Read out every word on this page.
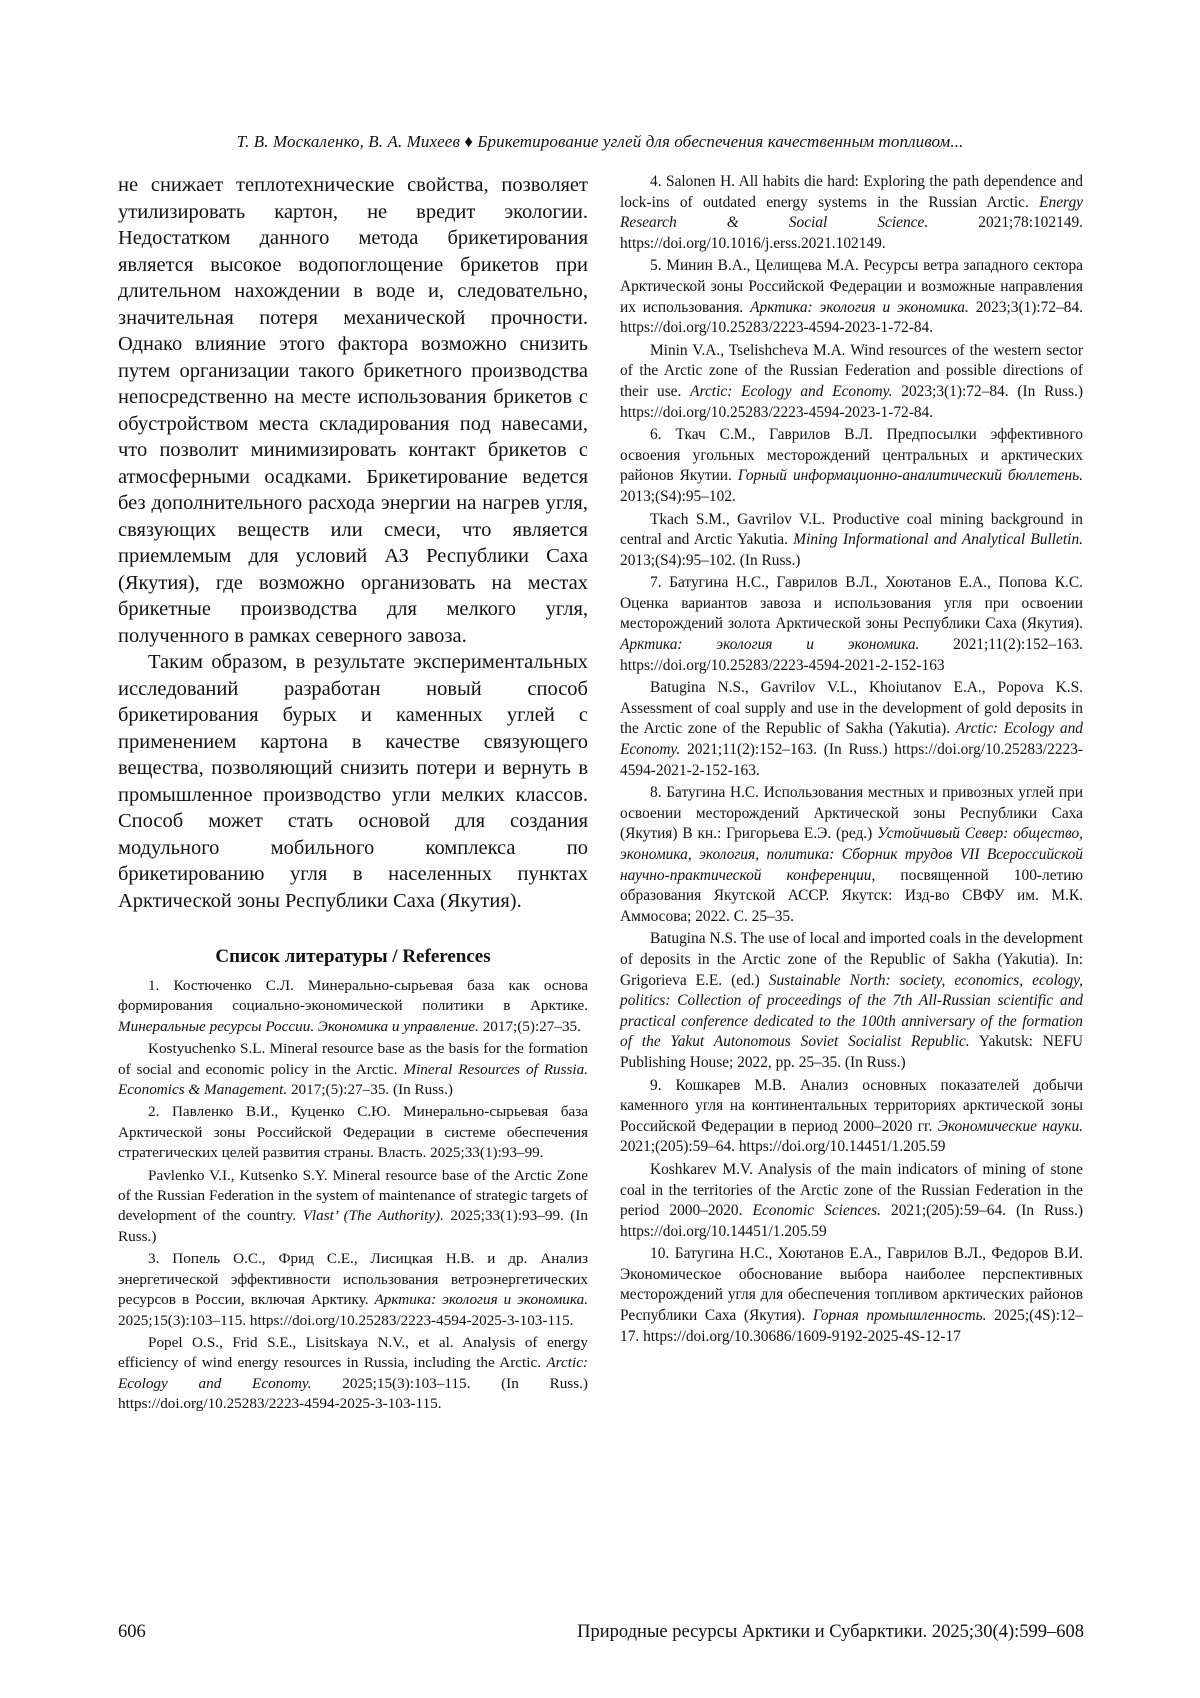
Т. В. Москаленко, В. А. Михеев ♦ Брикетирование углей для обеспечения качественным топливом...

не снижает теплотехнические свойства, позволяет утилизировать картон, не вредит экологии. Недостатком данного метода брикетирования является высокое водопоглощение брикетов при длительном нахождении в воде и, следовательно, значительная потеря механической прочности. Однако влияние этого фактора возможно снизить путем организации такого брикетного производства непосредственно на месте использования брикетов с обустройством места складирования под навесами, что позволит минимизировать контакт брикетов с атмосферными осадками. Брикетирование ведется без дополнительного расхода энергии на нагрев угля, связующих веществ или смеси, что является приемлемым для условий АЗ Республики Саха (Якутия), где возможно организовать на местах брикетные производства для мелкого угля, полученного в рамках северного завоза.

Таким образом, в результате экспериментальных исследований разработан новый способ брикетирования бурых и каменных углей с применением картона в качестве связующего вещества, позволяющий снизить потери и вернуть в промышленное производство угли мелких классов. Способ может стать основой для создания модульного мобильного комплекса по брикетированию угля в населенных пунктах Арктической зоны Республики Саха (Якутия).

Список литературы / References

1. Костюченко С.Л. Минерально-сырьевая база как основа формирования социально-экономической политики в Арктике. Минеральные ресурсы России. Экономика и управление. 2017;(5):27–35.

Kostyuchenko S.L. Mineral resource base as the basis for the formation of social and economic policy in the Arctic. Mineral Resources of Russia. Economics & Management. 2017;(5):27–35. (In Russ.)

2. Павленко В.И., Куценко С.Ю. Минерально-сырьевая база Арктической зоны Российской Федерации в системе обеспечения стратегических целей развития страны. Власть. 2025;33(1):93–99.

Pavlenko V.I., Kutsenko S.Y. Mineral resource base of the Arctic Zone of the Russian Federation in the system of maintenance of strategic targets of development of the country. Vlast’ (The Authority). 2025;33(1):93–99. (In Russ.)

3. Попель О.С., Фрид С.Е., Лисицкая Н.В. и др. Анализ энергетической эффективности использования ветроэнергетических ресурсов в России, включая Арктику. Арктика: экология и экономика. 2025;15(3):103–115. https://doi.org/10.25283/2223-4594-2025-3-103-115.

Popel O.S., Frid S.E., Lisitskaya N.V., et al. Analysis of energy efficiency of wind energy resources in Russia, including the Arctic. Arctic: Ecology and Economy. 2025;15(3):103–115. (In Russ.) https://doi.org/10.25283/2223-4594-2025-3-103-115.

4. Salonen H. All habits die hard: Exploring the path dependence and lock-ins of outdated energy systems in the Russian Arctic. Energy Research & Social Science. 2021;78:102149. https://doi.org/10.1016/j.erss.2021.102149.

5. Минин В.А., Целищева М.А. Ресурсы ветра западного сектора Арктической зоны Российской Федерации и возможные направления их использования. Арктика: экология и экономика. 2023;3(1):72–84. https://doi.org/10.25283/2223-4594-2023-1-72-84.

Minin V.A., Tselishcheva M.A. Wind resources of the western sector of the Arctic zone of the Russian Federation and possible directions of their use. Arctic: Ecology and Economy. 2023;3(1):72–84. (In Russ.) https://doi.org/10.25283/2223-4594-2023-1-72-84.

6. Ткач С.М., Гаврилов В.Л. Предпосылки эффективного освоения угольных месторождений центральных и арктических районов Якутии. Горный информационно-аналитический бюллетень. 2013;(S4):95–102.

Tkach S.M., Gavrilov V.L. Productive coal mining background in central and Arctic Yakutia. Mining Informational and Analytical Bulletin. 2013;(S4):95–102. (In Russ.)

7. Батугина Н.С., Гаврилов В.Л., Хоютанов Е.А., Попова К.С. Оценка вариантов завоза и использования угля при освоении месторождений золота Арктической зоны Республики Саха (Якутия). Арктика: экология и экономика. 2021;11(2):152–163. https://doi.org/10.25283/2223-4594-2021-2-152-163

Batugina N.S., Gavrilov V.L., Khoiutanov E.A., Popova K.S. Assessment of coal supply and use in the development of gold deposits in the Arctic zone of the Republic of Sakha (Yakutia). Arctic: Ecology and Economy. 2021;11(2):152–163. (In Russ.) https://doi.org/10.25283/2223-4594-2021-2-152-163.

8. Батугина Н.С. Использования местных и привозных углей при освоении месторождений Арктической зоны Республики Саха (Якутия) В кн.: Григорьева Е.Э. (ред.) Устойчивый Север: общество, экономика, экология, политика: Сборник трудов VII Всероссийской научно-практической конференции, посвященной 100-летию образования Якутской АССР. Якутск: Изд-во СВФУ им. М.К. Аммосова; 2022. С. 25–35.

Batugina N.S. The use of local and imported coals in the development of deposits in the Arctic zone of the Republic of Sakha (Yakutia). In: Grigorieva E.E. (ed.) Sustainable North: society, economics, ecology, politics: Collection of proceedings of the 7th All-Russian scientific and practical conference dedicated to the 100th anniversary of the formation of the Yakut Autonomous Soviet Socialist Republic. Yakutsk: NEFU Publishing House; 2022, pp. 25–35. (In Russ.)

9. Кошкарев М.В. Анализ основных показателей добычи каменного угля на континентальных территориях арктической зоны Российской Федерации в период 2000–2020 гг. Экономические науки. 2021;(205):59–64. https://doi.org/10.14451/1.205.59

Koshkarev M.V. Analysis of the main indicators of mining of stone coal in the territories of the Arctic zone of the Russian Federation in the period 2000–2020. Economic Sciences. 2021;(205):59–64. (In Russ.) https://doi.org/10.14451/1.205.59

10. Батугина Н.С., Хоютанов Е.А., Гаврилов В.Л., Федоров В.И. Экономическое обоснование выбора наиболее перспективных месторождений угля для обеспечения топливом арктических районов Республики Саха (Якутия). Горная промышленность. 2025;(4S):12–17. https://doi.org/10.30686/1609-9192-2025-4S-12-17

606	Природные ресурсы Арктики и Субарктики. 2025;30(4):599–608
